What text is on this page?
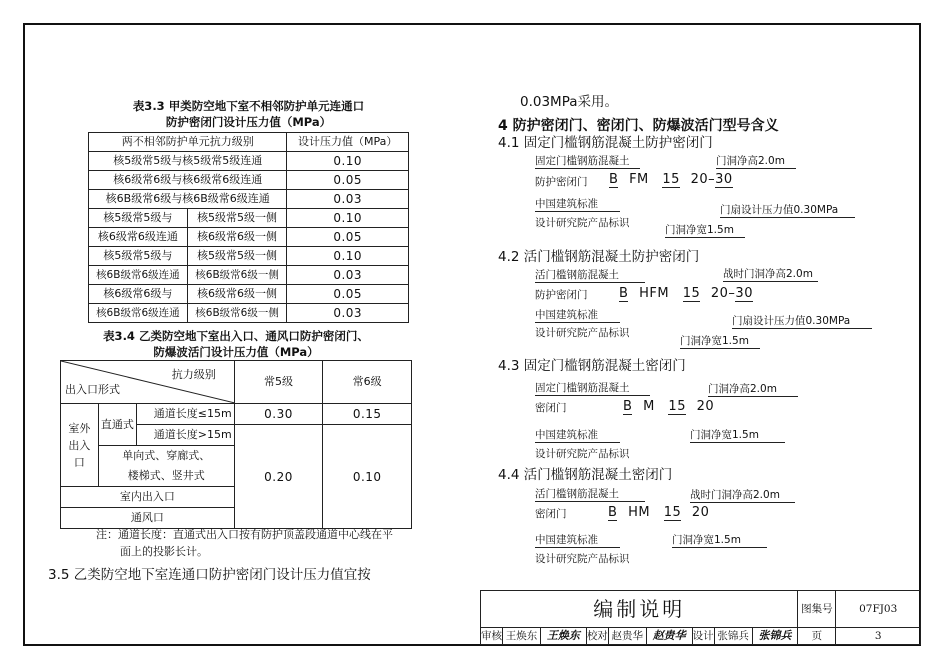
表3.3 甲类防空地下室不相邻防护单元连通口
防护密闭门设计压力值（MPa）
两不相邻防护单元抗力级别		设计压力值（MPa）
核5级常5级与核5级常5级连通		0.10
核6级常6级与核6级常6级连通		0.05
核6B级常6级与核6B级常6级连通		0.03
核5级常5级与	核5级常5级一侧	0.10
核6级常6级连通	核6级常6级一侧	0.05
核5级常5级与	核5级常5级一侧	0.10
核6B级常6级连通	核6B级常6级一侧	0.03
核6级常6级与	核6级常6级一侧	0.05
核6B级常6级连通	核6B级常6级一侧	0.03
表3.4 乙类防空地下室出入口、通风口防护密闭门、
防爆波活门设计压力值（MPa）
抗力级别
出入口形式			常5级	常6级
室外出入口	直通式	通道长度≤15m	0.30	0.15
		通道长度>15m	0.20	0.10
	单向式、穿廊式、			
	楼梯式、竖井式			
室内出入口				
通风口				
注：通道长度：直通式出入口按有防护顶盖段通道中心线在平
面上的投影长计。
3.5 乙类防空地下室连通口防护密闭门设计压力值宜按
0.03MPa采用。
4 防护密闭门、密闭门、防爆波活门型号含义
4.1 固定门槛钢筋混凝土防护密闭门
固定门槛钢筋混凝土
防护密闭门 B FM 15 20–30
门洞净高2.0m
中国建筑标准
设计研究院产品标识
门扇设计压力值0.30MPa
门洞净宽1.5m
4.2 活门槛钢筋混凝土防护密闭门
活门槛钢筋混凝土
防护密闭门 B HFM 15 20–30
战时门洞净高2.0m
中国建筑标准
设计研究院产品标识
门扇设计压力值0.30MPa
门洞净宽1.5m
4.3 固定门槛钢筋混凝土密闭门
固定门槛钢筋混凝土
密闭门	B M 15 20
门洞净高2.0m
中国建筑标准
设计研究院产品标识
门洞净宽1.5m
4.4 活门槛钢筋混凝土密闭门
活门槛钢筋混凝土
密闭门	B HM 15 20
战时门洞净高2.0m
中国建筑标准
设计研究院产品标识
门洞净宽1.5m
编制说明									图集号	07FJ03
审核	王焕东	王焕东	校对	赵贵华	赵贵华	设计	张锦兵	张锦兵	页	3
